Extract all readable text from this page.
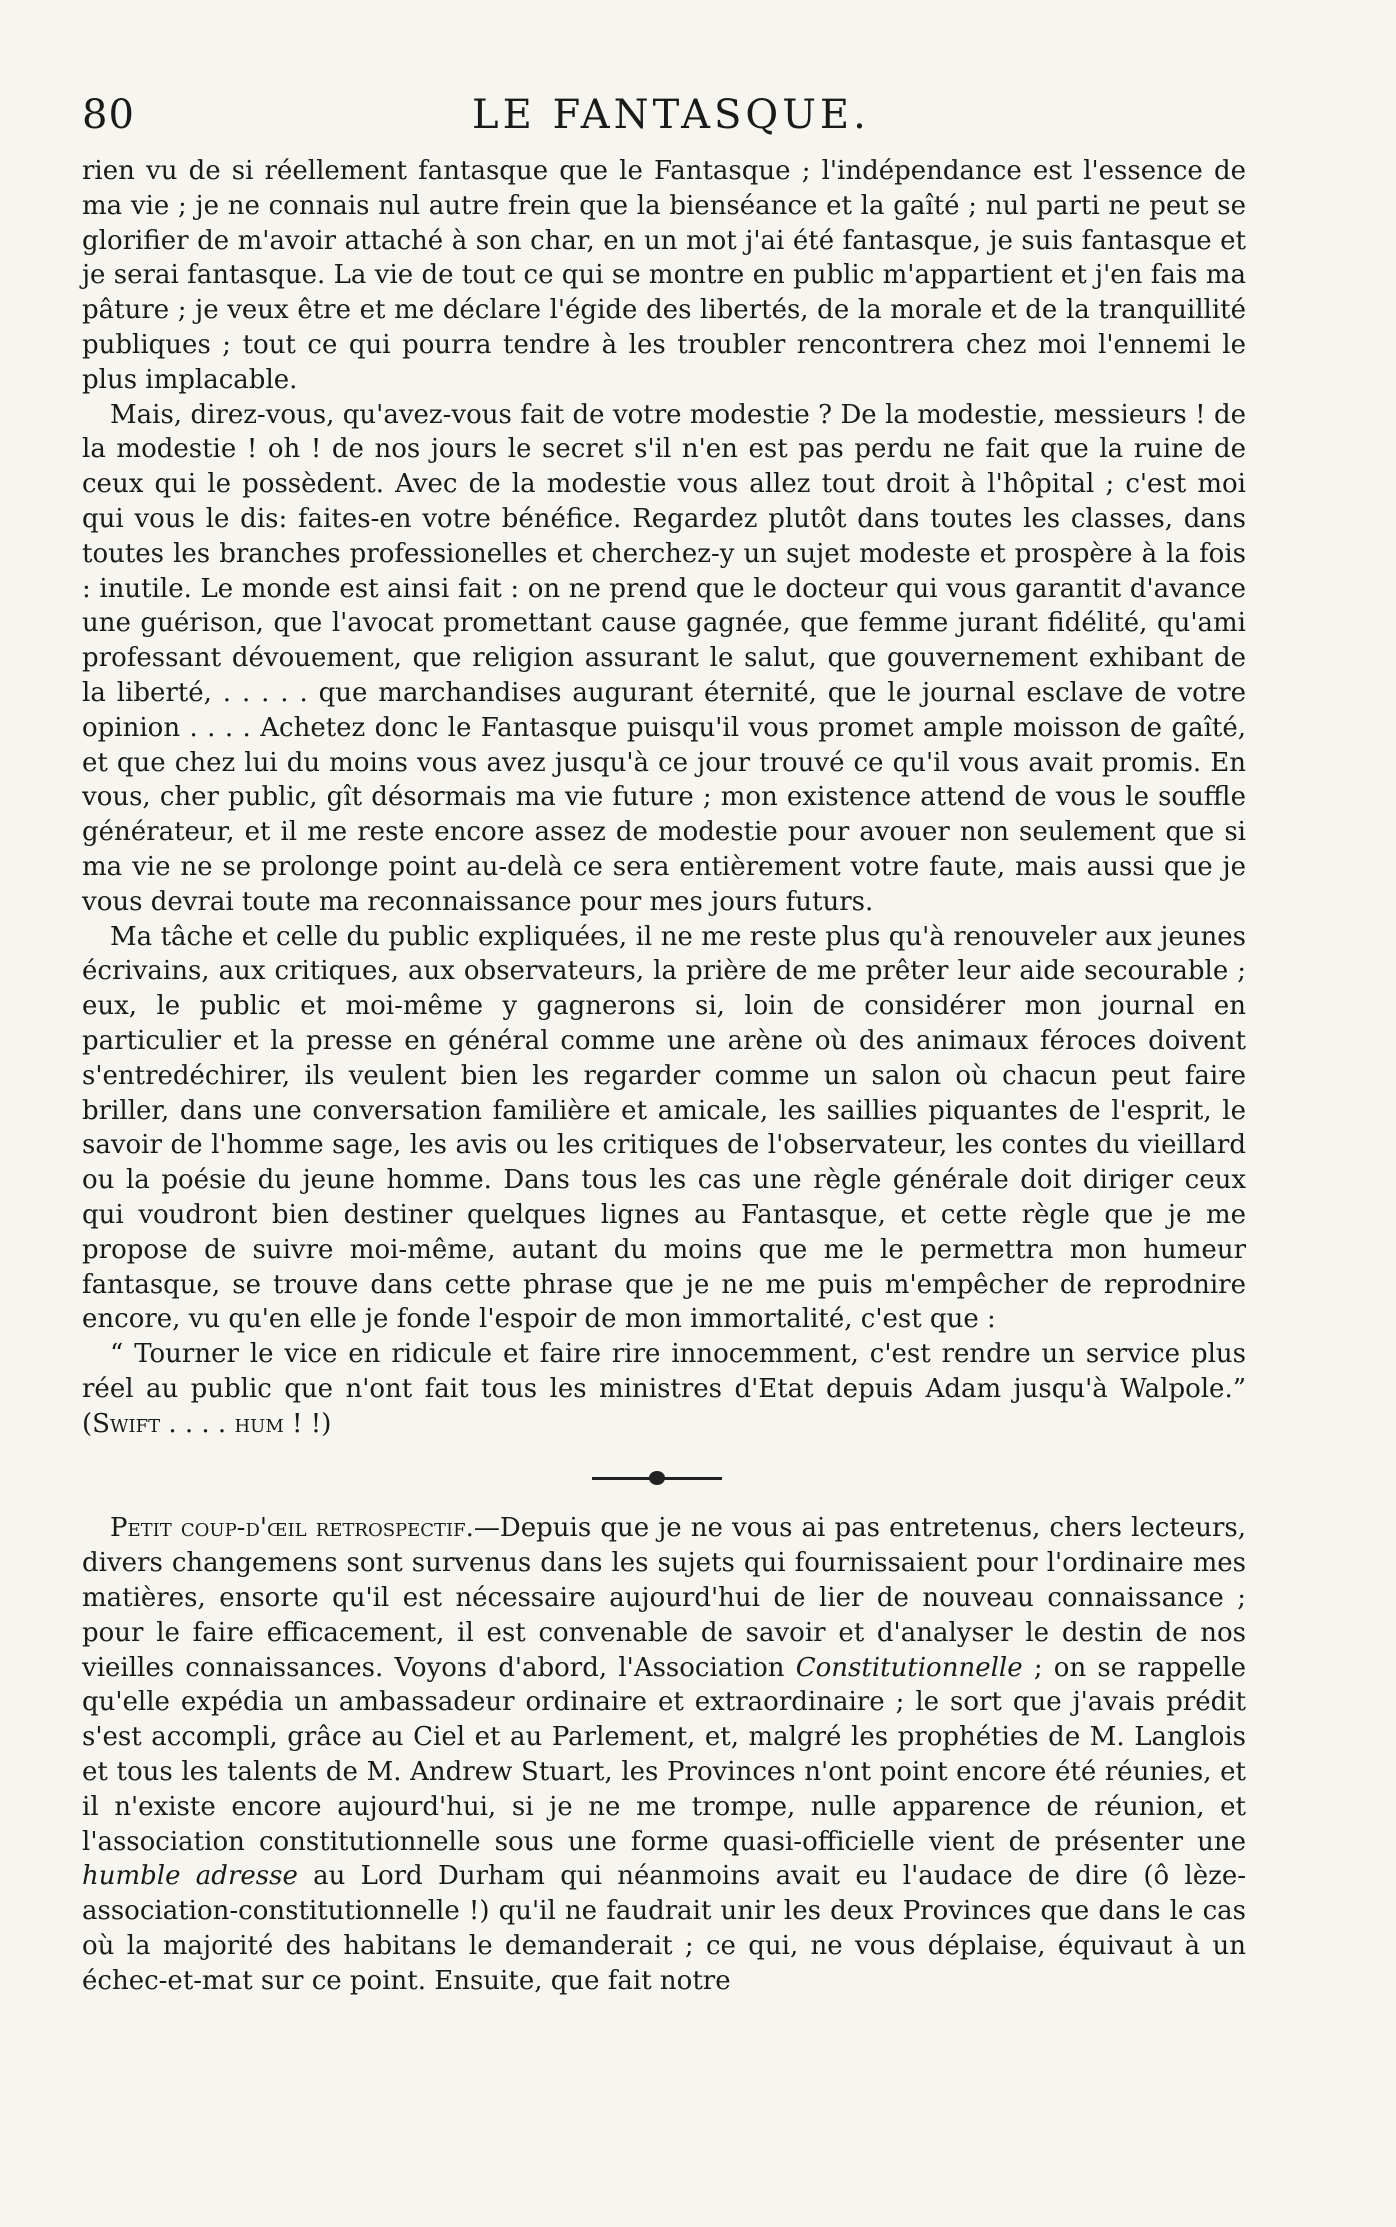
80	LE FANTASQUE.

rien vu de si réellement fantasque que le Fantasque ; l'indépendance est l'essence de ma vie ; je ne connais nul autre frein que la bienséance et la gaîté ; nul parti ne peut se glorifier de m'avoir attaché à son char, en un mot j'ai été fantasque, je suis fantasque et je serai fantasque. La vie de tout ce qui se montre en public m'appartient et j'en fais ma pâture ; je veux être et me déclare l'égide des libertés, de la morale et de la tranquillité publiques ; tout ce qui pourra tendre à les troubler rencontrera chez moi l'ennemi le plus implacable.

Mais, direz-vous, qu'avez-vous fait de votre modestie ? De la modestie, messieurs ! de la modestie ! oh ! de nos jours le secret s'il n'en est pas perdu ne fait que la ruine de ceux qui le possèdent. Avec de la modestie vous allez tout droit à l'hôpital ; c'est moi qui vous le dis: faites-en votre bénéfice. Regardez plutôt dans toutes les classes, dans toutes les branches professionelles et cherchez-y un sujet modeste et prospère à la fois : inutile. Le monde est ainsi fait : on ne prend que le docteur qui vous garantit d'avance une guérison, que l'avocat promettant cause gagnée, que femme jurant fidélité, qu'ami professant dévouement, que religion assurant le salut, que gouvernement exhibant de la liberté, . . . . . que marchandises augurant éternité, que le journal esclave de votre opinion . . . . Achetez donc le Fantasque puisqu'il vous promet ample moisson de gaîté, et que chez lui du moins vous avez jusqu'à ce jour trouvé ce qu'il vous avait promis. En vous, cher public, gît désormais ma vie future ; mon existence attend de vous le souffle générateur, et il me reste encore assez de modestie pour avouer non seulement que si ma vie ne se prolonge point au-delà ce sera entièrement votre faute, mais aussi que je vous devrai toute ma reconnaissance pour mes jours futurs.

Ma tâche et celle du public expliquées, il ne me reste plus qu'à renouveler aux jeunes écrivains, aux critiques, aux observateurs, la prière de me prêter leur aide secourable ; eux, le public et moi-même y gagnerons si, loin de considérer mon journal en particulier et la presse en général comme une arène où des animaux féroces doivent s'entredéchirer, ils veulent bien les regarder comme un salon où chacun peut faire briller, dans une conversation familière et amicale, les saillies piquantes de l'esprit, le savoir de l'homme sage, les avis ou les critiques de l'observateur, les contes du vieillard ou la poésie du jeune homme. Dans tous les cas une règle générale doit diriger ceux qui voudront bien destiner quelques lignes au Fantasque, et cette règle que je me propose de suivre moi-même, autant du moins que me le permettra mon humeur fantasque, se trouve dans cette phrase que je ne me puis m'empêcher de reprodnire encore, vu qu'en elle je fonde l'espoir de mon immortalité, c'est que :

“ Tourner le vice en ridicule et faire rire innocemment, c'est rendre un service plus réel au public que n'ont fait tous les ministres d'Etat depuis Adam jusqu'à Walpole.” (Swift . . . . hum ! !)

Petit coup-d'œil retrospectif.—Depuis que je ne vous ai pas entretenus, chers lecteurs, divers changemens sont survenus dans les sujets qui fournissaient pour l'ordinaire mes matières, ensorte qu'il est nécessaire aujourd'hui de lier de nouveau connaissance ; pour le faire efficacement, il est convenable de savoir et d'analyser le destin de nos vieilles connaissances. Voyons d'abord, l'Association Constitutionnelle ; on se rappelle qu'elle expédia un ambassadeur ordinaire et extraordinaire ; le sort que j'avais prédit s'est accompli, grâce au Ciel et au Parlement, et, malgré les prophéties de M. Langlois et tous les talents de M. Andrew Stuart, les Provinces n'ont point encore été réunies, et il n'existe encore aujourd'hui, si je ne me trompe, nulle apparence de réunion, et l'association constitutionnelle sous une forme quasi-officielle vient de présenter une humble adresse au Lord Durham qui néanmoins avait eu l'audace de dire (ô lèze-association-constitutionnelle !) qu'il ne faudrait unir les deux Provinces que dans le cas où la majorité des habitans le demanderait ; ce qui, ne vous déplaise, équivaut à un échec-et-mat sur ce point. Ensuite, que fait notre
